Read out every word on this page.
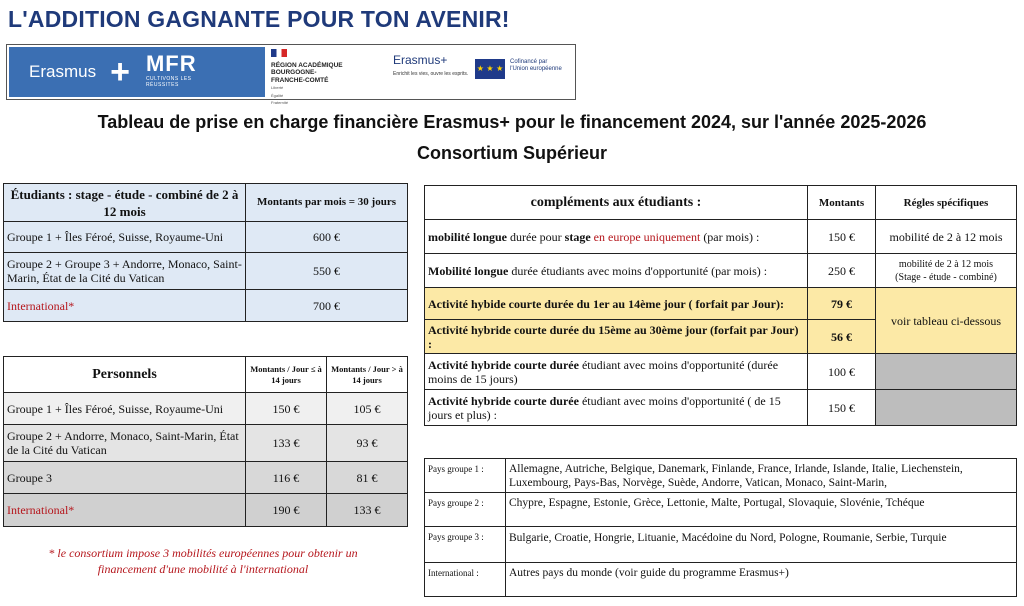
L'ADDITION GAGNANTE POUR TON AVENIR!
Erasmus + MFR
CULTIVONS LES RÉUSSITES

RÉGION ACADÉMIQUE
BOURGOGNE-
FRANCHE-COMTÉ
Liberté
Égalité
Fraternité
Erasmus+
Enrichit les vies, ouvre les esprits.
★ ★ ★
Cofinancé par
l'Union européenne
Tableau de prise en charge financière Erasmus+ pour le financement 2024, sur l'année 2025-2026
Consortium Supérieur
Étudiants : stage - étude - combiné de 2 à 12 mois	Montants par mois = 30 jours
Groupe 1 + Îles Féroé, Suisse, Royaume-Uni	600 €
Groupe 2 + Groupe 3 + Andorre, Monaco, Saint-Marin, État de la Cité du Vatican	550 €
International*	700 €
Personnels	Montants / Jour ≤ à 14 jours	Montants / Jour > à 14 jours
Groupe 1 + Îles Féroé, Suisse, Royaume-Uni	150 €	105 €
Groupe 2 + Andorre, Monaco, Saint-Marin, État de la Cité du Vatican	133 €	93 €
Groupe 3	116 €	81 €
International*	190 €	133 €
* le consortium impose 3 mobilités européennes pour obtenir un financement d'une mobilité à l'international
compléments aux étudiants :	Montants	Régles spécifiques
mobilité longue durée pour stage en europe uniquement (par mois) :	150 €	mobilité de 2 à 12 mois
Mobilité longue durée étudiants avec moins d'opportunité (par mois) :	250 €	mobilité de 2 à 12 mois
(Stage - étude - combiné)
Activité hybide courte durée du 1er au 14ème jour ( forfait par Jour):	79 €	voir tableau ci-dessous
Activité hybride courte durée du 15ème au 30ème jour (forfait par Jour) :	56 €	
Activité hybride courte durée étudiant avec moins d'opportunité (durée moins de 15 jours)	100 €	
Activité hybride courte durée étudiant avec moins d'opportunité ( de 15 jours et plus) :	150 €	
Pays groupe 1 :	Allemagne, Autriche, Belgique, Danemark, Finlande, France, Irlande, Islande, Italie, Liechenstein, Luxembourg, Pays-Bas, Norvège, Suède, Andorre, Vatican, Monaco, Saint-Marin,
Pays groupe 2 :	Chypre, Espagne, Estonie, Grèce, Lettonie, Malte, Portugal, Slovaquie, Slovénie, Tchéque
Pays groupe 3 :	Bulgarie, Croatie, Hongrie, Lituanie, Macédoine du Nord, Pologne, Roumanie, Serbie, Turquie
International :	Autres pays du monde (voir guide du programme Erasmus+)
